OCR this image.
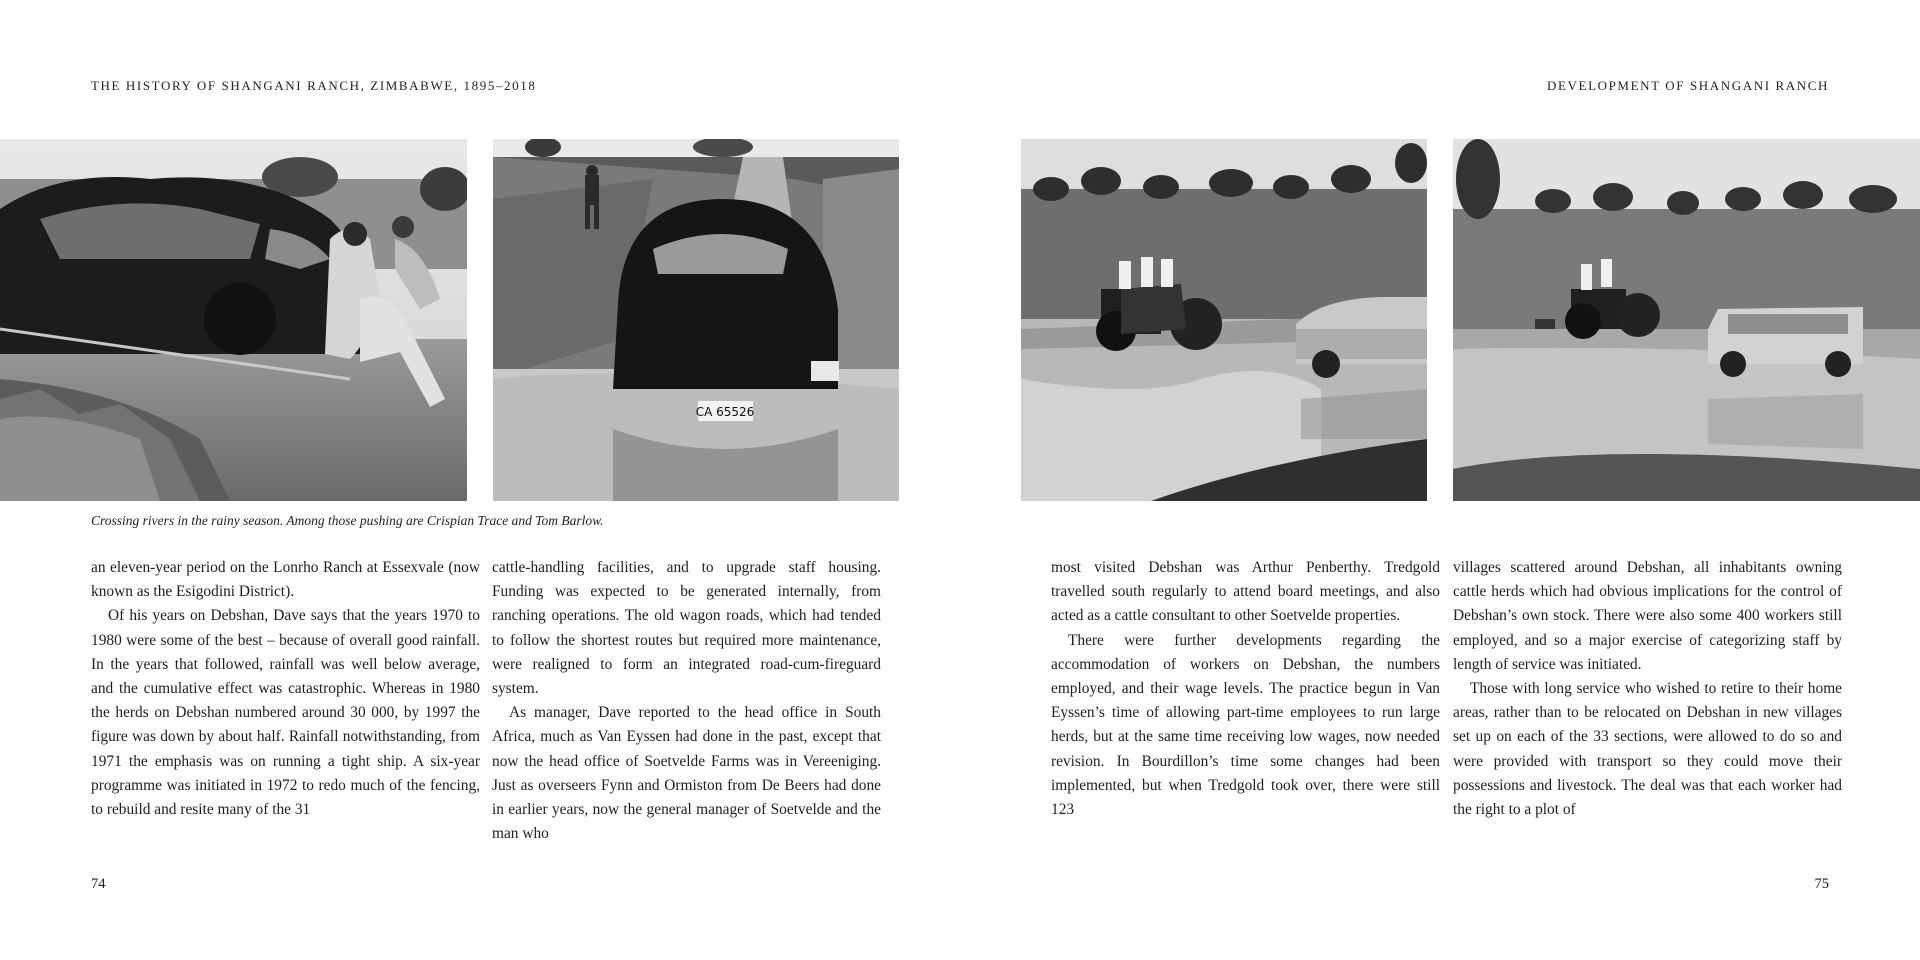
THE HISTORY OF SHANGANI RANCH, ZIMBABWE, 1895–2018
CA 65526
Crossing rivers in the rainy season. Among those pushing are Crispian Trace and Tom Barlow.

an eleven-year period on the Lonrho Ranch at Essexvale (now known as the Esigodini District).

Of his years on Debshan, Dave says that the years 1970 to 1980 were some of the best – because of overall good rainfall. In the years that followed, rainfall was well below average, and the cumulative effect was catastrophic. Whereas in 1980 the herds on Debshan numbered around 30 000, by 1997 the figure was down by about half. Rainfall notwithstanding, from 1971 the emphasis was on running a tight ship. A six-year programme was initiated in 1972 to redo much of the fencing, to rebuild and resite many of the 31

cattle-handling facilities, and to upgrade staff housing. Funding was expected to be generated internally, from ranching operations. The old wagon roads, which had tended to follow the shortest routes but required more maintenance, were realigned to form an integrated road-cum-fireguard system.

As manager, Dave reported to the head office in South Africa, much as Van Eyssen had done in the past, except that now the head office of Soetvelde Farms was in Vereeniging. Just as overseers Fynn and Ormiston from De Beers had done in earlier years, now the general manager of Soetvelde and the man who

74
DEVELOPMENT OF SHANGANI RANCH

most visited Debshan was Arthur Penberthy. Tredgold travelled south regularly to attend board meetings, and also acted as a cattle consultant to other Soetvelde properties.

There were further developments regarding the accommodation of workers on Debshan, the numbers employed, and their wage levels. The practice begun in Van Eyssen’s time of allowing part-time employees to run large herds, but at the same time receiving low wages, now needed revision. In Bourdillon’s time some changes had been implemented, but when Tredgold took over, there were still 123

villages scattered around Debshan, all inhabitants owning cattle herds which had obvious implications for the control of Debshan’s own stock. There were also some 400 workers still employed, and so a major exercise of categorizing staff by length of service was initiated.

Those with long service who wished to retire to their home areas, rather than to be relocated on Debshan in new villages set up on each of the 33 sections, were allowed to do so and were provided with transport so they could move their possessions and livestock. The deal was that each worker had the right to a plot of

75
